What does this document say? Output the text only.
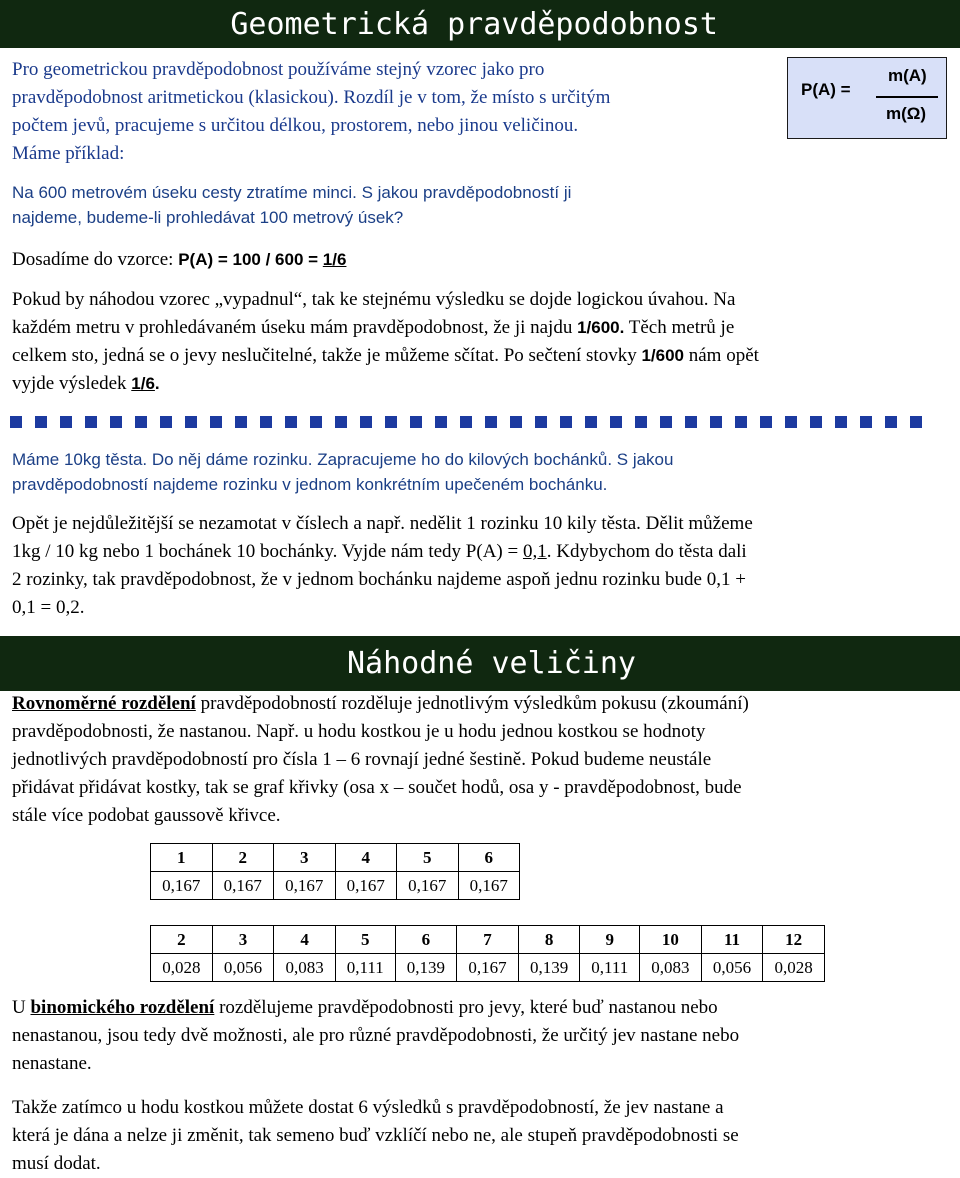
Geometrická pravděpodobnost
Pro geometrickou pravděpodobnost používáme stejný vzorec jako pro
pravděpodobnost aritmetickou (klasickou). Rozdíl je v tom, že místo s určitým
počtem jevů, pracujeme s určitou délkou, prostorem, nebo jinou veličinou.
Máme příklad:
P(A) =
m(A)
m(Ω)
Na 600 metrovém úseku cesty ztratíme minci. S jakou pravděpodobností ji
najdeme, budeme-li prohledávat 100 metrový úsek?
Dosadíme do vzorce: P(A) = 100 / 600 = 1/6
Pokud by náhodou vzorec „vypadnul“, tak ke stejnému výsledku se dojde logickou úvahou. Na
každém metru v prohledávaném úseku mám pravděpodobnost, že ji najdu 1/600. Těch metrů je
celkem sto, jedná se o jevy neslučitelné, takže je můžeme sčítat. Po sečtení stovky 1/600 nám opět
vyjde výsledek 1/6.
Máme 10kg těsta. Do něj dáme rozinku. Zapracujeme ho do kilových bochánků. S jakou
pravděpodobností najdeme rozinku v jednom konkrétním upečeném bochánku.
Opět je nejdůležitější se nezamotat v číslech a např. nedělit 1 rozinku 10 kily těsta. Dělit můžeme
1kg / 10 kg nebo 1 bochánek 10 bochánky. Vyjde nám tedy P(A) = 0,1. Kdybychom do těsta dali
2 rozinky, tak pravděpodobnost, že v jednom bochánku najdeme aspoň jednu rozinku bude 0,1 +
0,1 = 0,2.
Náhodné veličiny
Rovnoměrné rozdělení pravděpodobností rozděluje jednotlivým výsledkům pokusu (zkoumání)
pravděpodobnosti, že nastanou. Např. u hodu kostkou je u hodu jednou kostkou se hodnoty
jednotlivých pravděpodobností pro čísla 1 – 6 rovnají jedné šestině. Pokud budeme neustále
přidávat přidávat kostky, tak se graf křivky (osa x – součet hodů, osa y - pravděpodobnost, bude
stále více podobat gaussově křivce.
1	2	3	4	5	6
0,167	0,167	0,167	0,167	0,167	0,167
2	3	4	5	6	7	8	9	10	11	12
0,028	0,056	0,083	0,111	0,139	0,167	0,139	0,111	0,083	0,056	0,028
U binomického rozdělení rozdělujeme pravděpodobnosti pro jevy, které buď nastanou nebo
nenastanou, jsou tedy dvě možnosti, ale pro různé pravděpodobnosti, že určitý jev nastane nebo
nenastane.
Takže zatímco u hodu kostkou můžete dostat 6 výsledků s pravděpodobností, že jev nastane a
která je dána a nelze ji změnit, tak semeno buď vzklíčí nebo ne, ale stupeň pravděpodobnosti se
musí dodat.
